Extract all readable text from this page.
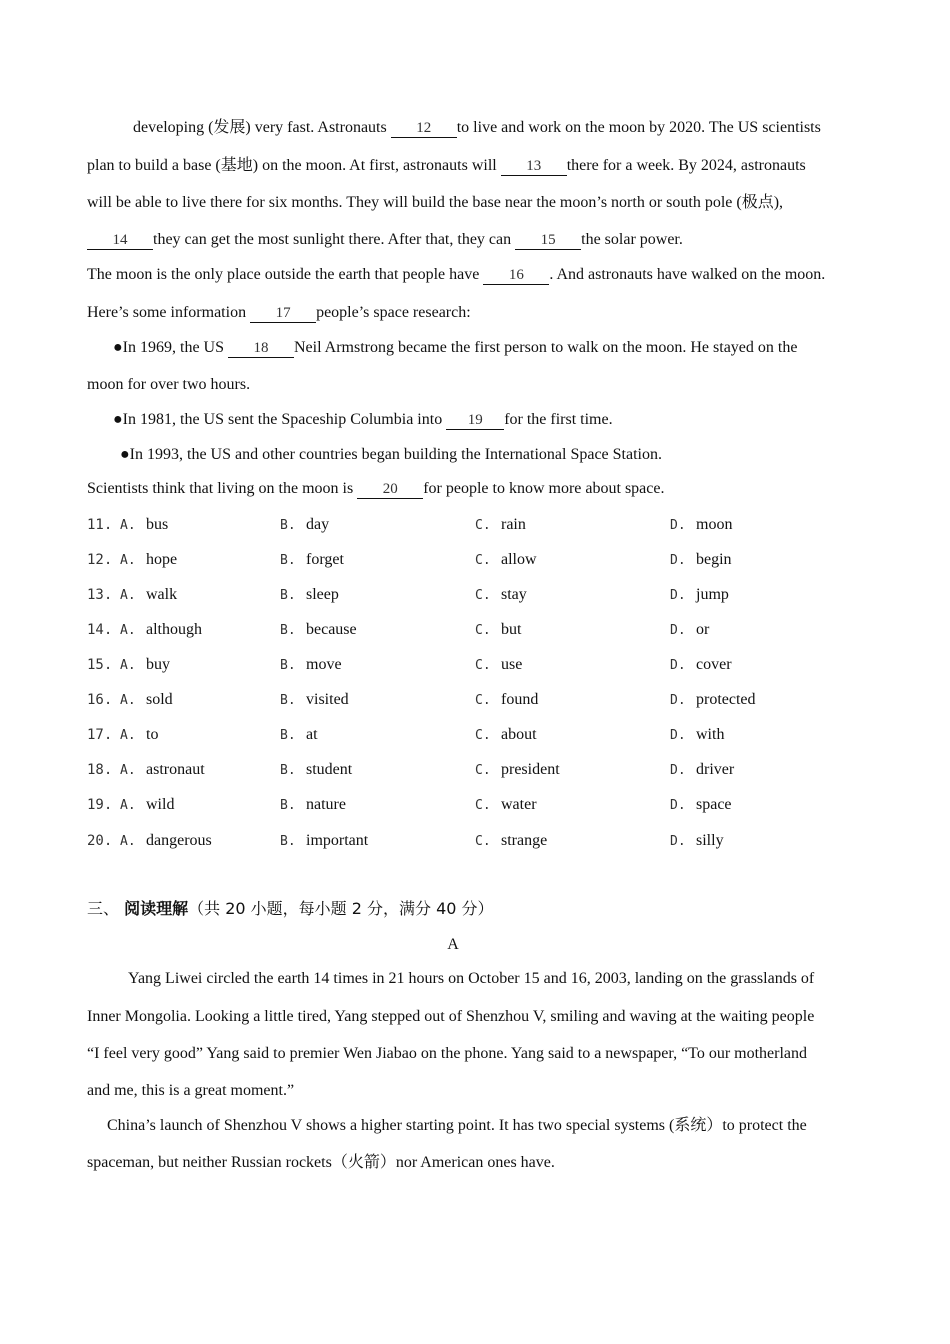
developing (发展) very fast. Astronauts 12 to live and work on the moon by 2020. The US scientists
plan to build a base (基地) on the moon. At first, astronauts will 13 there for a week. By 2024, astronauts
will be able to live there for six months. They will build the base near the moon’s north or south pole (极点),
14 they can get the most sunlight there. After that, they can 15 the solar power.
The moon is the only place outside the earth that people have 16 . And astronauts have walked on the moon.
Here’s some information 17 people’s space research:
●In 1969, the US 18 Neil Armstrong became the first person to walk on the moon. He stayed on the
moon for over two hours.
●In 1981, the US sent the Spaceship Columbia into 19 for the first time.
●In 1993, the US and other countries began building the International Space Station.
Scientists think that living on the moon is 20 for people to know more about space.
11. A. bus	B. day	C. rain	D. moon
12. A. hope	B. forget	C. allow	D. begin
13. A. walk	B. sleep	C. stay	D. jump
14. A. although	B. because	C. but	D. or
15. A. buy	B. move	C. use	D. cover
16. A. sold	B. visited	C. found	D. protected
17. A. to	B. at	C. about	D. with
18. A. astronaut	B. student	C. president	D. driver
19. A. wild	B. nature	C. water	D. space
20. A. dangerous	B. important	C. strange	D. silly
三、 阅读理解（共 20 小题，每小题 2 分，满分 40 分）
A
Yang Liwei circled the earth 14 times in 21 hours on October 15 and 16, 2003, landing on the grasslands of
Inner Mongolia. Looking a little tired, Yang stepped out of Shenzhou V, smiling and waving at the waiting people
“I feel very good” Yang said to premier Wen Jiabao on the phone. Yang said to a newspaper, “To our motherland
and me, this is a great moment.”
China’s launch of Shenzhou V shows a higher starting point. It has two special systems (系统）to protect the
spaceman, but neither Russian rockets（火箭）nor American ones have.
